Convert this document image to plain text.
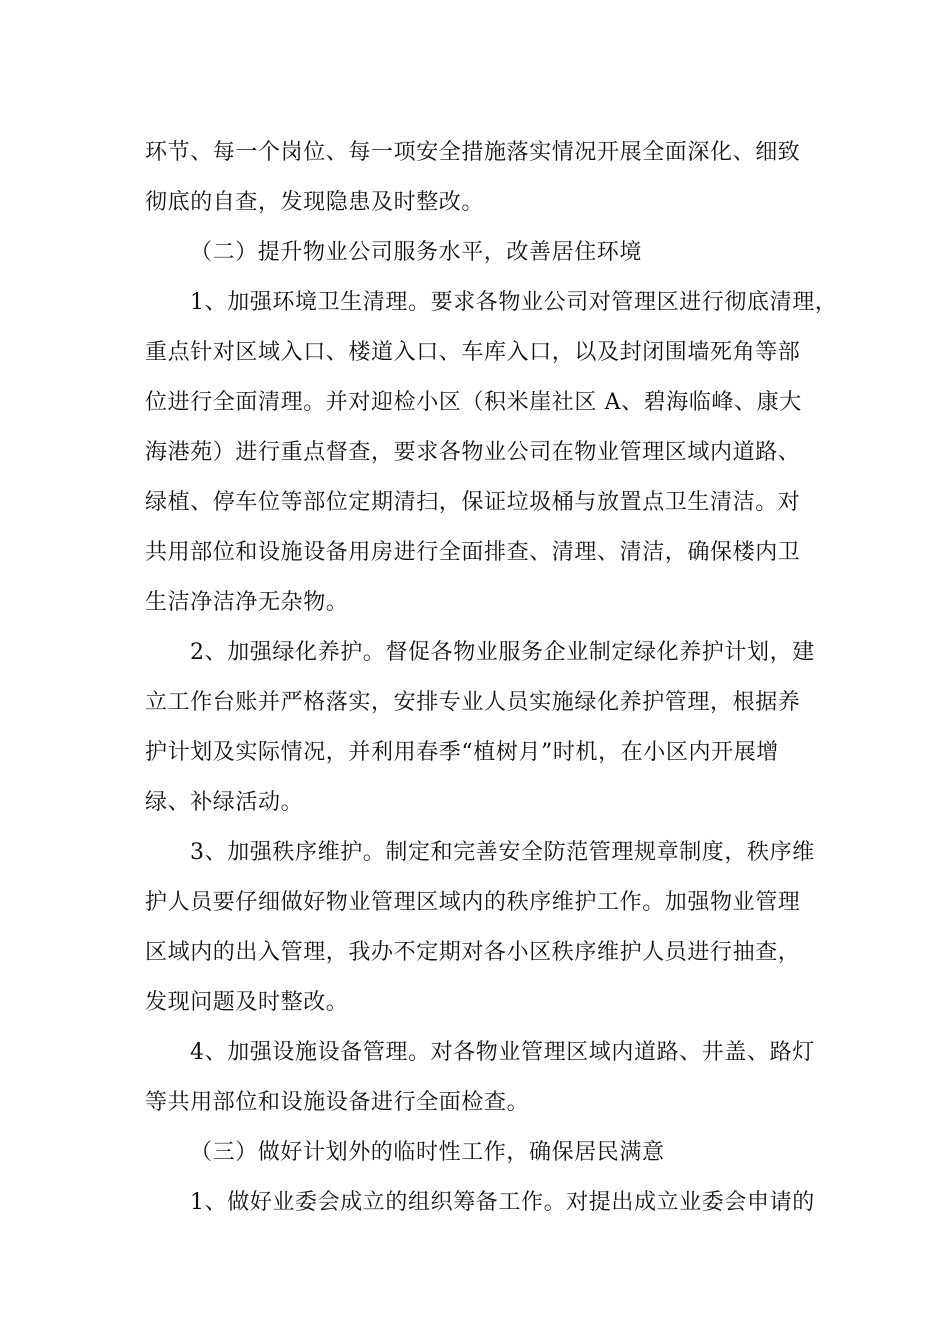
环节、每一个岗位、每一项安全措施落实情况开展全面深化、细致
彻底的自查，发现隐患及时整改。
（二）提升物业公司服务水平，改善居住环境
1、加强环境卫生清理。要求各物业公司对管理区进行彻底清理，
重点针对区域入口、楼道入口、车库入口，以及封闭围墙死角等部
位进行全面清理。并对迎检小区（积米崖社区 A、碧海临峰、康大
海港苑）进行重点督查，要求各物业公司在物业管理区域内道路、
绿植、停车位等部位定期清扫，保证垃圾桶与放置点卫生清洁。对
共用部位和设施设备用房进行全面排查、清理、清洁，确保楼内卫
生洁净洁净无杂物。
2、加强绿化养护。督促各物业服务企业制定绿化养护计划，建
立工作台账并严格落实，安排专业人员实施绿化养护管理，根据养
护计划及实际情况，并利用春季“植树月”时机，在小区内开展增
绿、补绿活动。
3、加强秩序维护。制定和完善安全防范管理规章制度，秩序维
护人员要仔细做好物业管理区域内的秩序维护工作。加强物业管理
区域内的出入管理，我办不定期对各小区秩序维护人员进行抽查，
发现问题及时整改。
4、加强设施设备管理。对各物业管理区域内道路、井盖、路灯
等共用部位和设施设备进行全面检查。
（三）做好计划外的临时性工作，确保居民满意
1、做好业委会成立的组织筹备工作。对提出成立业委会申请的
